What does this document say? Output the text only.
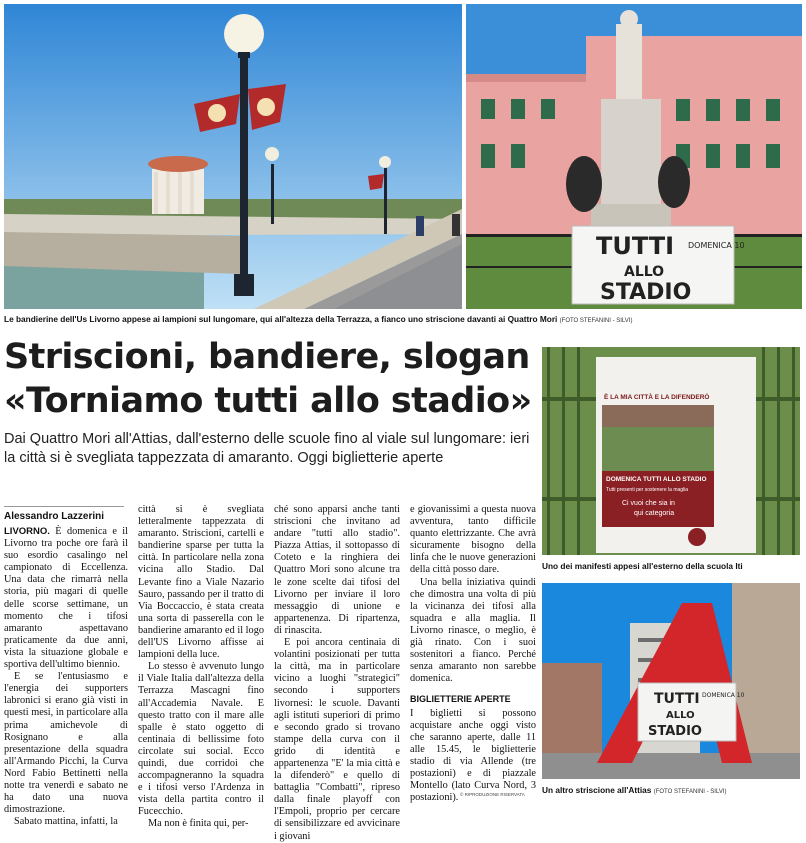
TUTTI
ALLO
STADIO
DOMENICA 10
Le bandierine dell'Us Livorno appese ai lampioni sul lungomare, qui all'altezza della Terrazza, a fianco uno striscione davanti ai Quattro Mori (FOTO STEFANINI - SILVI)
Striscioni, bandiere, slogan
«Torniamo tutti allo stadio»
Dai Quattro Mori all'Attias, dall'esterno delle scuole fino al viale sul lungomare: ieri la città si è svegliata tappezzata di amaranto. Oggi biglietterie aperte
Alessandro Lazzerini

LIVORNO. È domenica e il Livorno tra poche ore farà il suo esordio casalingo nel campionato di Eccellenza. Una data che rimarrà nella storia, più magari di quelle delle scorse settimane, un momento che i tifosi amaranto aspettavano praticamente da due anni, vista la situazione globale e sportiva dell'ultimo biennio.

E se l'entusiasmo e l'energia dei supporters labronici si erano già visti in questi mesi, in particolare alla prima amichevole di Rosignano e alla presentazione della squadra all'Armando Picchi, la Curva Nord Fabio Bettinetti nella notte tra venerdì e sabato ne ha dato una nuova dimostrazione.

Sabato mattina, infatti, la

città si è svegliata letteralmente tappezzata di amaranto. Striscioni, cartelli e bandierine sparse per tutta la città. In particolare nella zona vicina allo Stadio. Dal Levante fino a Viale Nazario Sauro, passando per il tratto di Via Boccaccio, è stata creata una sorta di passerella con le bandierine amaranto ed il logo dell'US Livorno affisse ai lampioni della luce.

Lo stesso è avvenuto lungo il Viale Italia dall'altezza della Terrazza Mascagni fino all'Accademia Navale. E questo tratto con il mare alle spalle è stato oggetto di centinaia di bellissime foto circolate sui social. Ecco quindi, due corridoi che accompagneranno la squadra e i tifosi verso l'Ardenza in vista della partita contro il Fucecchio.

Ma non è finita qui, per-

ché sono apparsi anche tanti striscioni che invitano ad andare "tutti allo stadio". Piazza Attias, il sottopasso di Coteto e la ringhiera dei Quattro Mori sono alcune tra le zone scelte dai tifosi del Livorno per inviare il loro messaggio di unione e appartenenza. Di ripartenza, di rinascita.

E poi ancora centinaia di volantini posizionati per tutta la città, ma in particolare vicino a luoghi "strategici" secondo i supporters livornesi: le scuole. Davanti agli istituti superiori di primo e secondo grado si trovano stampe della curva con il grido di identità e appartenenza "E' la mia città e la difenderò" e quello di battaglia "Combatti", ripreso dalla finale playoff con l'Empoli, proprio per cercare di sensibilizzare ed avvicinare i giovani

e giovanissimi a questa nuova avventura, tanto difficile quanto elettrizzante. Che avrà sicuramente bisogno della linfa che le nuove generazioni della città posso dare.

Una bella iniziativa quindi che dimostra una volta di più la vicinanza dei tifosi alla squadra e alla maglia. Il Livorno rinasce, o meglio, è già rinato. Con i suoi sostenitori a fianco. Perché senza amaranto non sarebbe domenica.

BIGLIETTERIE APERTE

I biglietti si possono acquistare anche oggi visto che saranno aperte, dalle 11 alle 15.45, le biglietterie stadio di via Allende (tre postazioni) e di piazzale Montello (lato Curva Nord, 3 postazioni). © RIPRODUZIONE RISERVATA
È LA MIA CITTÀ E LA DIFENDERÒ
DOMENICA TUTTI ALLO STADIO
Tutti presenti per sostenere la maglia
Ci vuoi che sia in
qui categoria
Uno dei manifesti appesi all'esterno della scuola Iti
TUTTI
ALLO
STADIO
DOMENICA 10
Un altro striscione all'Attias (FOTO STEFANINI - SILVI)
